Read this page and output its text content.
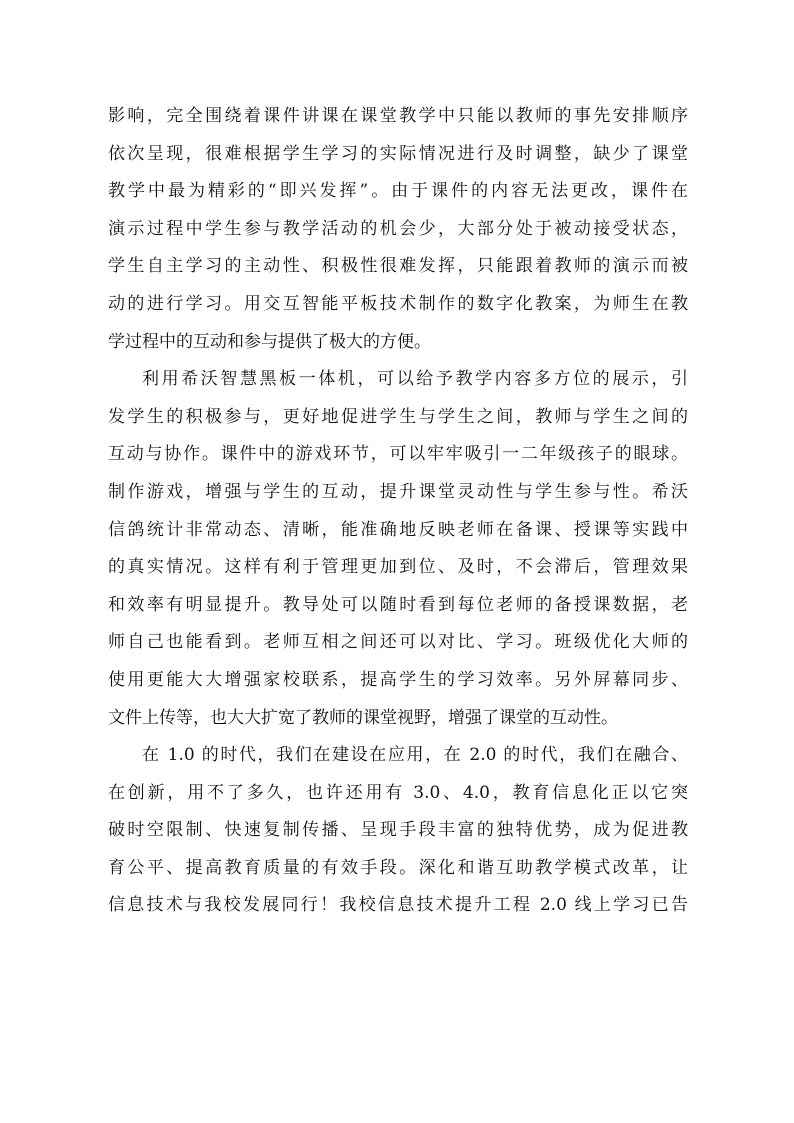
影响，完全围绕着课件讲课在课堂教学中只能以教师的事先安排顺序
依次呈现，很难根据学生学习的实际情况进行及时调整，缺少了课堂
教学中最为精彩的“即兴发挥”。由于课件的内容无法更改，课件在
演示过程中学生参与教学活动的机会少，大部分处于被动接受状态，
学生自主学习的主动性、积极性很难发挥，只能跟着教师的演示而被
动的进行学习。用交互智能平板技术制作的数字化教案，为师生在教
学过程中的互动和参与提供了极大的方便。
利用希沃智慧黑板一体机，可以给予教学内容多方位的展示，引
发学生的积极参与，更好地促进学生与学生之间，教师与学生之间的
互动与协作。课件中的游戏环节，可以牢牢吸引一二年级孩子的眼球。
制作游戏，增强与学生的互动，提升课堂灵动性与学生参与性。希沃
信鸽统计非常动态、清晰，能准确地反映老师在备课、授课等实践中
的真实情况。这样有利于管理更加到位、及时，不会滞后，管理效果
和效率有明显提升。教导处可以随时看到每位老师的备授课数据，老
师自己也能看到。老师互相之间还可以对比、学习。班级优化大师的
使用更能大大增强家校联系，提高学生的学习效率。另外屏幕同步、
文件上传等，也大大扩宽了教师的课堂视野，增强了课堂的互动性。
在 1.0 的时代，我们在建设在应用，在 2.0 的时代，我们在融合、
在创新，用不了多久，也许还用有 3.0、4.0，教育信息化正以它突
破时空限制、快速复制传播、呈现手段丰富的独特优势，成为促进教
育公平、提高教育质量的有效手段。深化和谐互助教学模式改革，让
信息技术与我校发展同行！我校信息技术提升工程 2.0 线上学习已告
